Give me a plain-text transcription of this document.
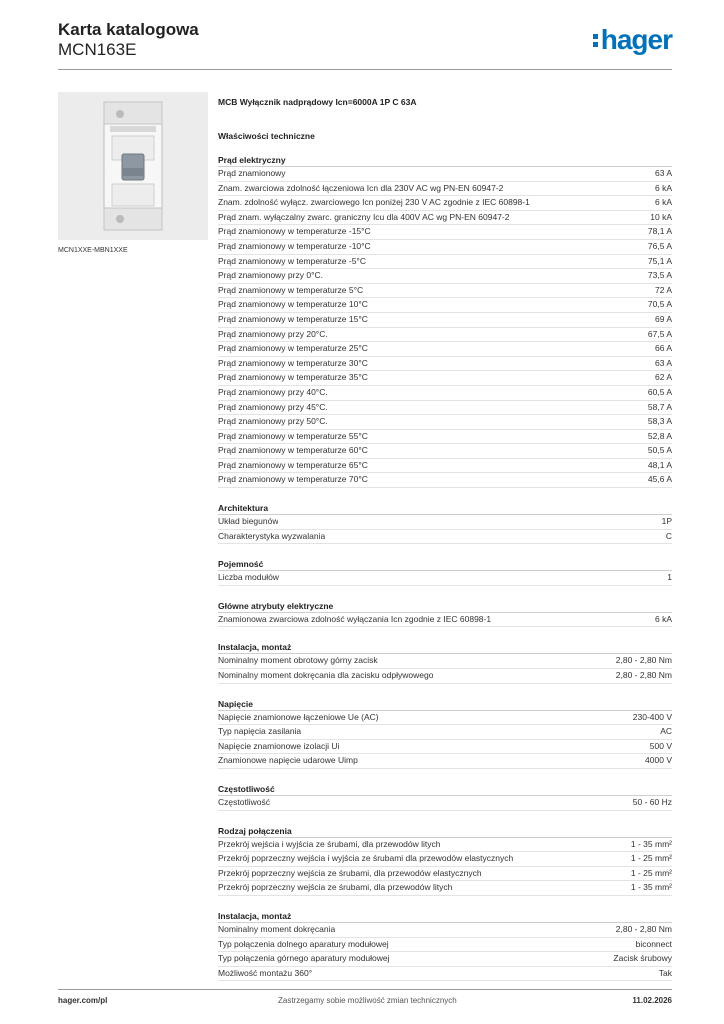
Karta katalogowa
MCN163E	hager
MCN1XXE-MBN1XXE
MCB Wyłącznik nadprądowy Icn=6000A 1P C 63A
Właściwości techniczne
Prąd elektryczny
Prąd znamionowy	63 A
Znam. zwarciowa zdolność łączeniowa Icn dla 230V AC wg PN-EN 60947-2	6 kA
Znam. zdolność wyłącz. zwarciowego Icn poniżej 230 V AC zgodnie z IEC 60898-1	6 kA
Prąd znam. wyłączalny zwarc. graniczny Icu dla 400V AC wg PN-EN 60947-2	10 kA
Prąd znamionowy w temperaturze -15°C	78,1 A
Prąd znamionowy w temperaturze -10°C	76,5 A
Prąd znamionowy w temperaturze -5°C	75,1 A
Prąd znamionowy przy 0°C.	73,5 A
Prąd znamionowy w temperaturze 5°C	72 A
Prąd znamionowy w temperaturze 10°C	70,5 A
Prąd znamionowy w temperaturze 15°C	69 A
Prąd znamionowy przy 20°C.	67,5 A
Prąd znamionowy w temperaturze 25°C	66 A
Prąd znamionowy w temperaturze 30°C	63 A
Prąd znamionowy w temperaturze 35°C	62 A
Prąd znamionowy przy 40°C.	60,5 A
Prąd znamionowy przy 45°C.	58,7 A
Prąd znamionowy przy 50°C.	58,3 A
Prąd znamionowy w temperaturze 55°C	52,8 A
Prąd znamionowy w temperaturze 60°C	50,5 A
Prąd znamionowy w temperaturze 65°C	48,1 A
Prąd znamionowy w temperaturze 70°C	45,6 A
Architektura
Układ biegunów	1P
Charakterystyka wyzwalania	C
Pojemność
Liczba modułów	1
Główne atrybuty elektryczne
Znamionowa zwarciowa zdolność wyłączania Icn zgodnie z IEC 60898-1	6 kA
Instalacja, montaż
Nominalny moment obrotowy górny zacisk	2,80 - 2,80 Nm
Nominalny moment dokręcania dla zacisku odpływowego	2,80 - 2,80 Nm
Napięcie
Napięcie znamionowe łączeniowe Ue (AC)	230-400 V
Typ napięcia zasilania	AC
Napięcie znamionowe izolacji Ui	500 V
Znamionowe napięcie udarowe Uimp	4000 V
Częstotliwość
Częstotliwość	50 - 60 Hz
Rodzaj połączenia
Przekrój wejścia i wyjścia ze śrubami, dla przewodów litych	1 - 35 mm²
Przekrój poprzeczny wejścia i wyjścia ze śrubami dla przewodów elastycznych	1 - 25 mm²
Przekrój poprzeczny wejścia ze śrubami, dla przewodów elastycznych	1 - 25 mm²
Przekrój poprzeczny wejścia ze śrubami, dla przewodów litych	1 - 35 mm²
Instalacja, montaż
Nominalny moment dokręcania	2,80 - 2,80 Nm
Typ połączenia dolnego aparatury modułowej	biconnect
Typ połączenia górnego aparatury modułowej	Zacisk śrubowy
Możliwość montażu 360°	Tak
hager.com/pl	Zastrzegamy sobie możliwość zmian technicznych	11.02.2026
